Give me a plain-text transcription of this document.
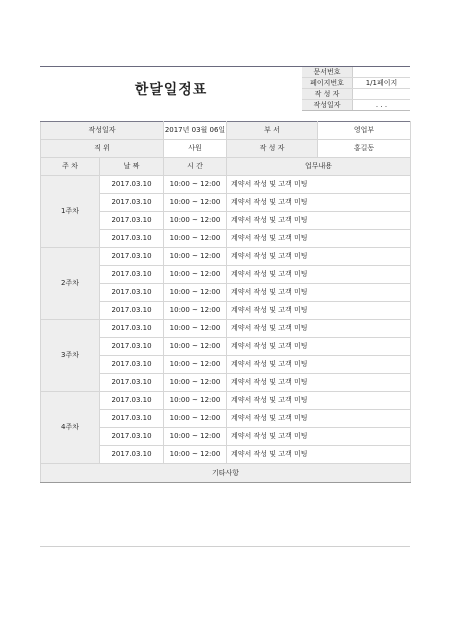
한달일정표
문서번호	
페이지번호	1/1페이지
작 성 자	
작성일자	. . .
작성일자		2017년 03월 06일	부 서	영업부
직 위		사원	작 성 자	홍길동
주 차	날 짜	시 간	업무내용	
1주차	2017.03.10	10:00 ~ 12:00	계약서 작성 및 고객 미팅	
	2017.03.10	10:00 ~ 12:00	계약서 작성 및 고객 미팅	
	2017.03.10	10:00 ~ 12:00	계약서 작성 및 고객 미팅	
	2017.03.10	10:00 ~ 12:00	계약서 작성 및 고객 미팅	
2주차	2017.03.10	10:00 ~ 12:00	계약서 작성 및 고객 미팅	
	2017.03.10	10:00 ~ 12:00	계약서 작성 및 고객 미팅	
	2017.03.10	10:00 ~ 12:00	계약서 작성 및 고객 미팅	
	2017.03.10	10:00 ~ 12:00	계약서 작성 및 고객 미팅	
3주차	2017.03.10	10:00 ~ 12:00	계약서 작성 및 고객 미팅	
	2017.03.10	10:00 ~ 12:00	계약서 작성 및 고객 미팅	
	2017.03.10	10:00 ~ 12:00	계약서 작성 및 고객 미팅	
	2017.03.10	10:00 ~ 12:00	계약서 작성 및 고객 미팅	
4주차	2017.03.10	10:00 ~ 12:00	계약서 작성 및 고객 미팅	
	2017.03.10	10:00 ~ 12:00	계약서 작성 및 고객 미팅	
	2017.03.10	10:00 ~ 12:00	계약서 작성 및 고객 미팅	
	2017.03.10	10:00 ~ 12:00	계약서 작성 및 고객 미팅	
기타사항				
